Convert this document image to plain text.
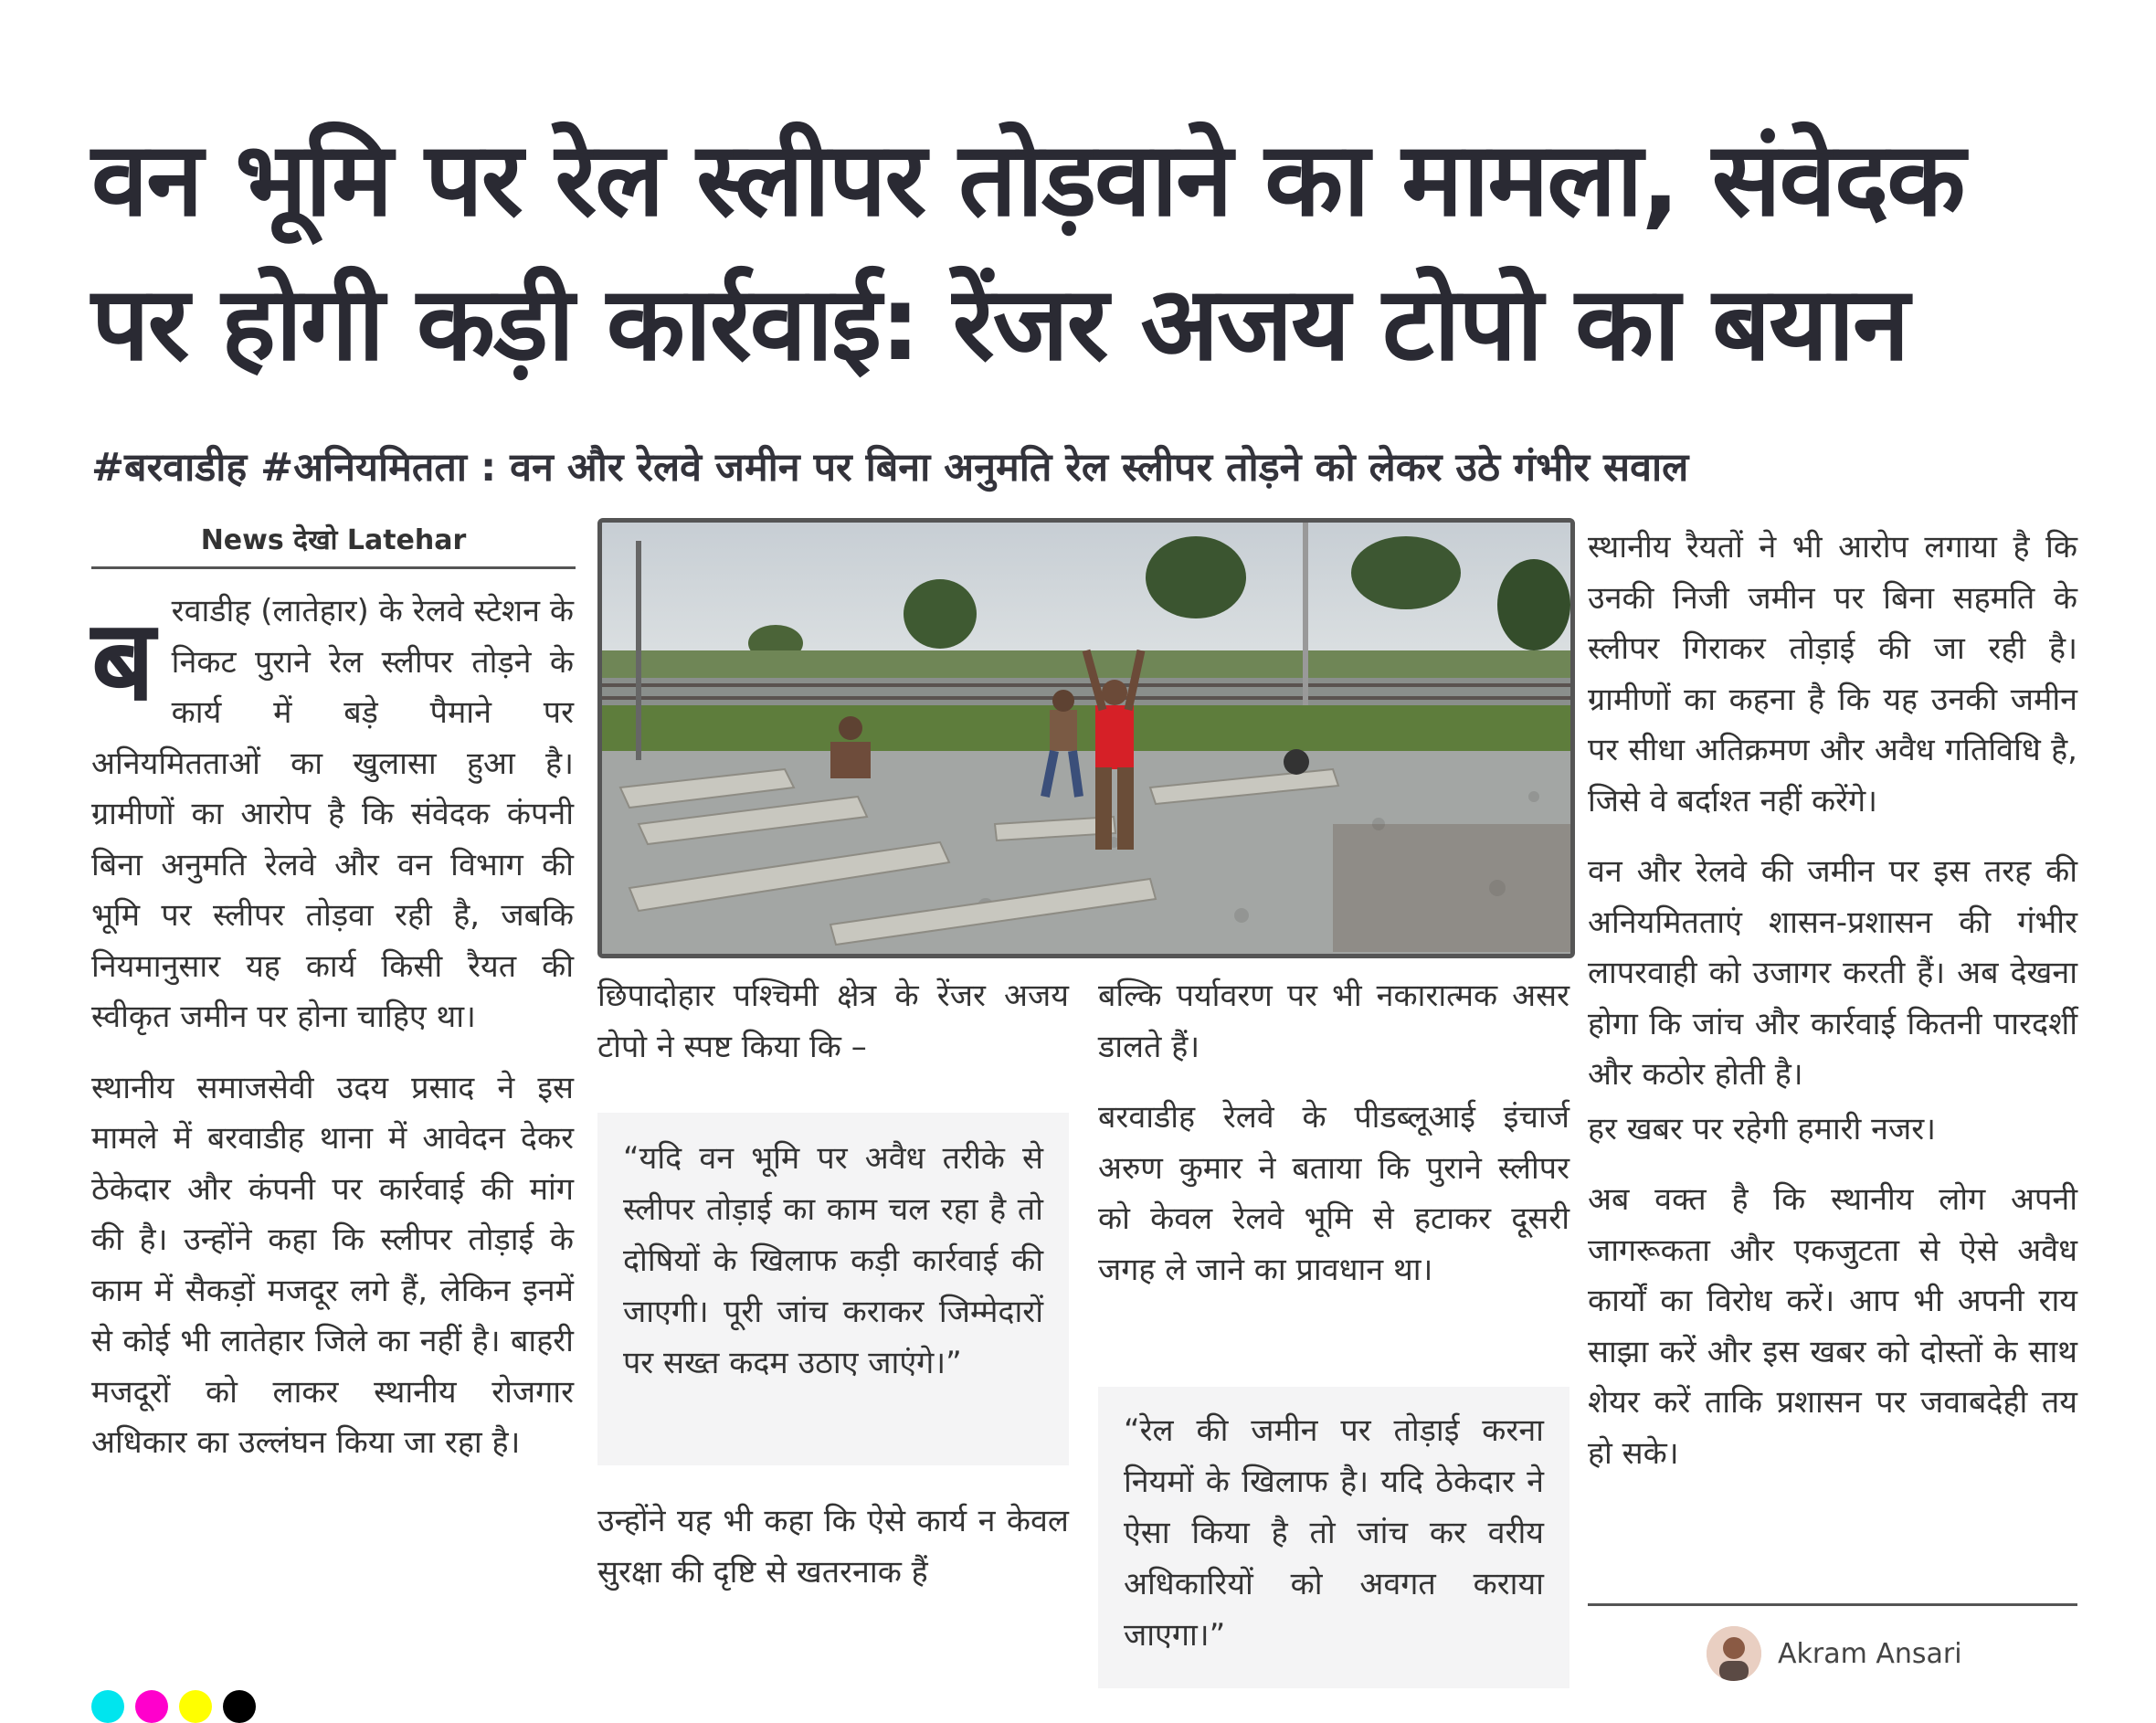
वन भूमि पर रेल स्लीपर तोड़वाने का मामला, संवेदक पर होगी कड़ी कार्रवाई: रेंजर अजय टोपो का बयान
#बरवाडीह #अनियमितता : वन और रेलवे जमीन पर बिना अनुमति रेल स्लीपर तोड़ने को लेकर उठे गंभीर सवाल
News देखो Latehar

बरवाडीह (लातेहार) के रेलवे स्टेशन के निकट पुराने रेल स्लीपर तोड़ने के कार्य में बड़े पैमाने पर अनियमितताओं का खुलासा हुआ है। ग्रामीणों का आरोप है कि संवेदक कंपनी बिना अनुमति रेलवे और वन विभाग की भूमि पर स्लीपर तोड़वा रही है, जबकि नियमानुसार यह कार्य किसी रैयत की स्वीकृत जमीन पर होना चाहिए था।

स्थानीय समाजसेवी उदय प्रसाद ने इस मामले में बरवाडीह थाना में आवेदन देकर ठेकेदार और कंपनी पर कार्रवाई की मांग की है। उन्होंने कहा कि स्लीपर तोड़ाई के काम में सैकड़ों मजदूर लगे हैं, लेकिन इनमें से कोई भी लातेहार जिले का नहीं है। बाहरी मजदूरों को लाकर स्थानीय रोजगार अधिकार का उल्लंघन किया जा रहा है।

छिपादोहार पश्चिमी क्षेत्र के रेंजर अजय टोपो ने स्पष्ट किया कि –

“यदि वन भूमि पर अवैध तरीके से स्लीपर तोड़ाई का काम चल रहा है तो दोषियों के खिलाफ कड़ी कार्रवाई की जाएगी। पूरी जांच कराकर जिम्मेदारों पर सख्त कदम उठाए जाएंगे।”

उन्होंने यह भी कहा कि ऐसे कार्य न केवल सुरक्षा की दृष्टि से खतरनाक हैं

बल्कि पर्यावरण पर भी नकारात्मक असर डालते हैं।

बरवाडीह रेलवे के पीडब्लूआई इंचार्ज अरुण कुमार ने बताया कि पुराने स्लीपर को केवल रेलवे भूमि से हटाकर दूसरी जगह ले जाने का प्रावधान था।

“रेल की जमीन पर तोड़ाई करना नियमों के खिलाफ है। यदि ठेकेदार ने ऐसा किया है तो जांच कर वरीय अधिकारियों को अवगत कराया जाएगा।”

स्थानीय रैयतों ने भी आरोप लगाया है कि उनकी निजी जमीन पर बिना सहमति के स्लीपर गिराकर तोड़ाई की जा रही है। ग्रामीणों का कहना है कि यह उनकी जमीन पर सीधा अतिक्रमण और अवैध गतिविधि है, जिसे वे बर्दाश्त नहीं करेंगे।

वन और रेलवे की जमीन पर इस तरह की अनियमितताएं शासन-प्रशासन की गंभीर लापरवाही को उजागर करती हैं। अब देखना होगा कि जांच और कार्रवाई कितनी पारदर्शी और कठोर होती है।

हर खबर पर रहेगी हमारी नजर।

अब वक्त है कि स्थानीय लोग अपनी जागरूकता और एकजुटता से ऐसे अवैध कार्यों का विरोध करें। आप भी अपनी राय साझा करें और इस खबर को दोस्तों के साथ शेयर करें ताकि प्रशासन पर जवाबदेही तय हो सके।

Akram Ansari
